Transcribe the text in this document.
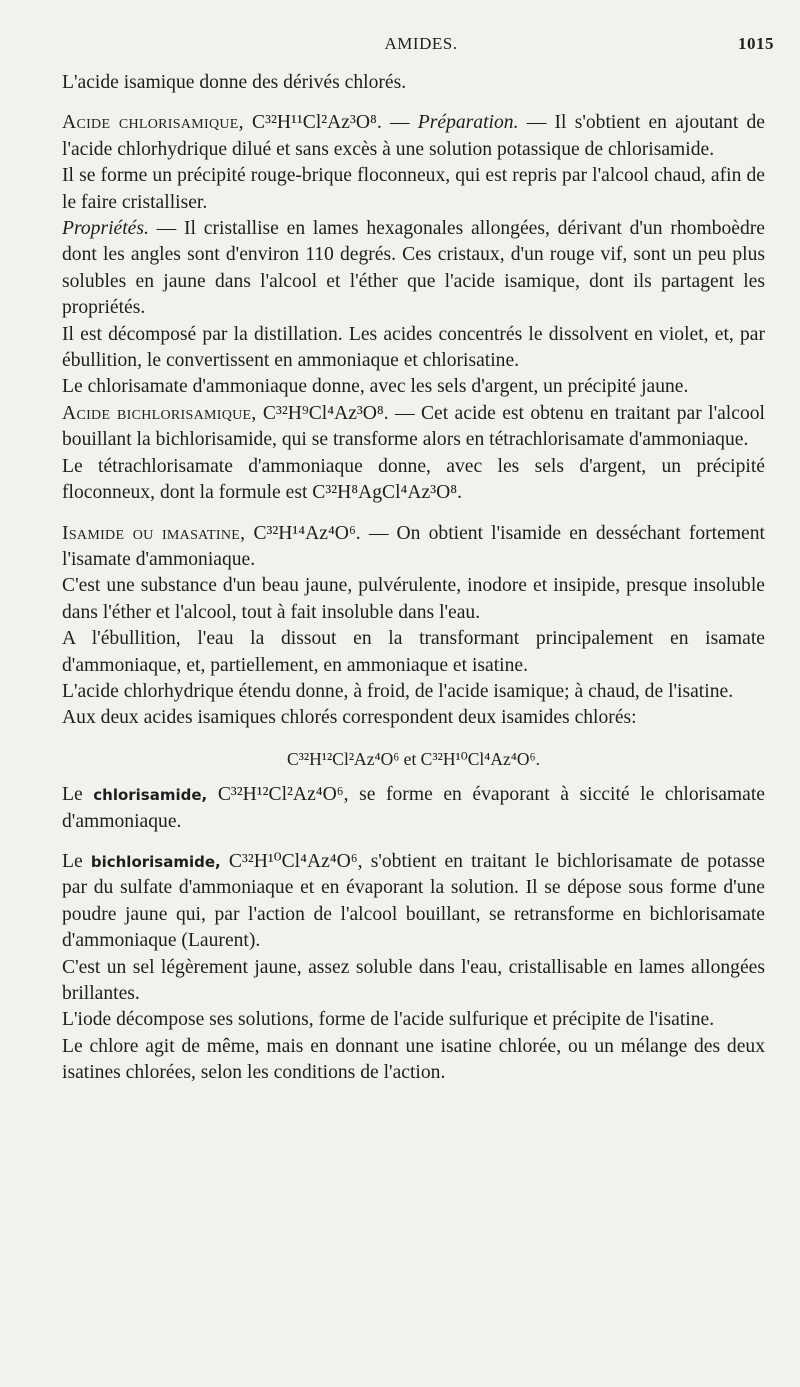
AMIDES.	1015

L'acide isamique donne des dérivés chlorés.

Acide chlorisamique, C³²H¹¹Cl²Az³O⁸. — Préparation. — Il s'obtient en ajoutant de l'acide chlorhydrique dilué et sans excès à une solution potassique de chlorisamide.

Il se forme un précipité rouge-brique floconneux, qui est repris par l'alcool chaud, afin de le faire cristalliser.

Propriétés. — Il cristallise en lames hexagonales allongées, dérivant d'un rhomboèdre dont les angles sont d'environ 110 degrés. Ces cristaux, d'un rouge vif, sont un peu plus solubles en jaune dans l'alcool et l'éther que l'acide isamique, dont ils partagent les propriétés.

Il est décomposé par la distillation. Les acides concentrés le dissolvent en violet, et, par ébullition, le convertissent en ammoniaque et chlorisatine.

Le chlorisamate d'ammoniaque donne, avec les sels d'argent, un précipité jaune.

Acide bichlorisamique, C³²H⁹Cl⁴Az³O⁸. — Cet acide est obtenu en traitant par l'alcool bouillant la bichlorisamide, qui se transforme alors en tétrachlorisamate d'ammoniaque.

Le tétrachlorisamate d'ammoniaque donne, avec les sels d'argent, un précipité floconneux, dont la formule est C³²H⁸AgCl⁴Az³O⁸.

Isamide ou imasatine, C³²H¹⁴Az⁴O⁶. — On obtient l'isamide en desséchant fortement l'isamate d'ammoniaque.

C'est une substance d'un beau jaune, pulvérulente, inodore et insipide, presque insoluble dans l'éther et l'alcool, tout à fait insoluble dans l'eau.

A l'ébullition, l'eau la dissout en la transformant principalement en isamate d'ammoniaque, et, partiellement, en ammoniaque et isatine.

L'acide chlorhydrique étendu donne, à froid, de l'acide isamique; à chaud, de l'isatine.

Aux deux acides isamiques chlorés correspondent deux isamides chlorés:

C³²H¹²Cl²Az⁴O⁶ et C³²H¹⁰Cl⁴Az⁴O⁶.

Le chlorisamide, C³²H¹²Cl²Az⁴O⁶, se forme en évaporant à siccité le chlorisamate d'ammoniaque.

Le bichlorisamide, C³²H¹⁰Cl⁴Az⁴O⁶, s'obtient en traitant le bichlorisamate de potasse par du sulfate d'ammoniaque et en évaporant la solution. Il se dépose sous forme d'une poudre jaune qui, par l'action de l'alcool bouillant, se retransforme en bichlorisamate d'ammoniaque (Laurent).

C'est un sel légèrement jaune, assez soluble dans l'eau, cristallisable en lames allongées brillantes.

L'iode décompose ses solutions, forme de l'acide sulfurique et précipite de l'isatine.

Le chlore agit de même, mais en donnant une isatine chlorée, ou un mélange des deux isatines chlorées, selon les conditions de l'action.
